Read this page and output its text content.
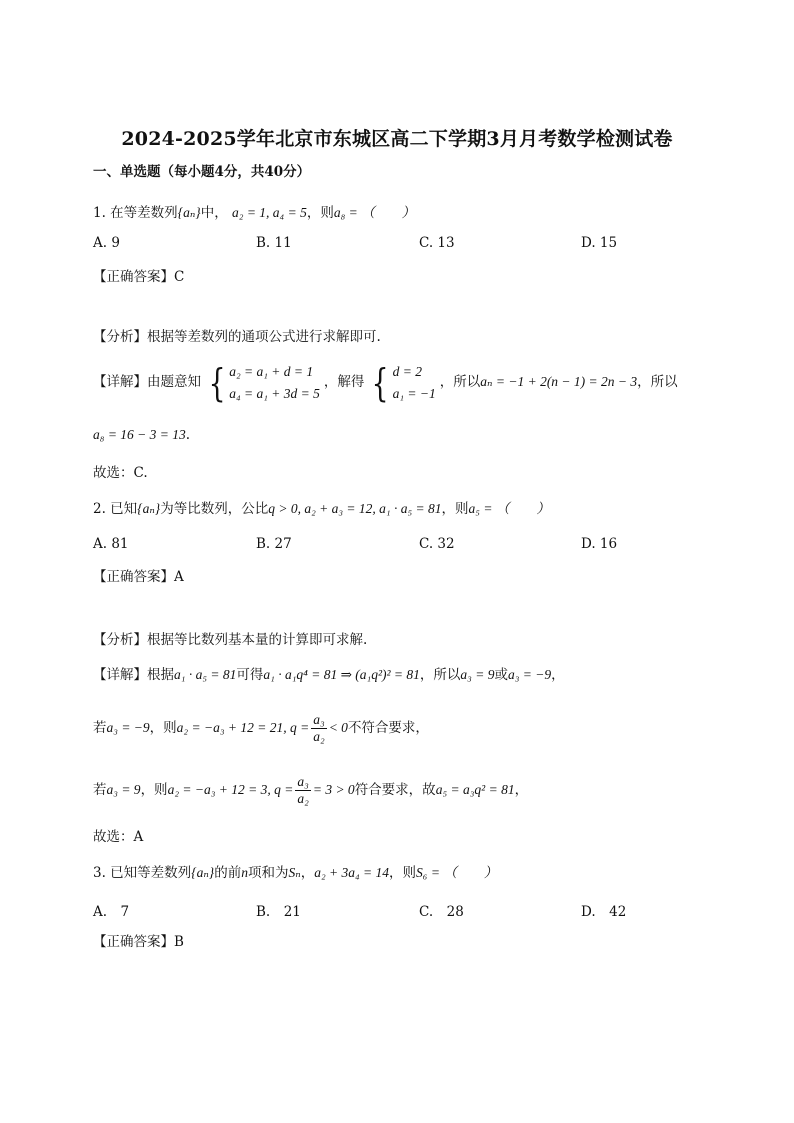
2024-2025学年北京市东城区高二下学期3月月考数学检测试卷
一、单选题（每小题4分，共40分）
1. 在等差数列{aₙ}中， a₂ = 1, a₄ = 5，则a₈ = （　　）
A. 9	B. 11	C. 13	D. 15
【正确答案】C
【分析】根据等差数列的通项公式进行求解即可.
【详解】由题意知 { a₂ = a₁ + d = 1
a₄ = a₁ + 3d = 5
，解得 { d = 2
a₁ = −1
，所以aₙ = −1 + 2(n − 1) = 2n − 3，所以
a₈ = 16 − 3 = 13.
故选：C.
2. 已知{aₙ}为等比数列，公比q > 0, a₂ + a₃ = 12, a₁ · a₅ = 81，则a₅ = （　　）
A. 81	B. 27	C. 32	D. 16
【正确答案】A
【分析】根据等比数列基本量的计算即可求解.
【详解】根据a₁ · a₅ = 81可得a₁ · a₁q⁴ = 81 ⇒ (a₁q²)² = 81，所以a₃ = 9或a₃ = −9，
若a₃ = −9，则a₂ = −a₃ + 12 = 21, $q = \frac{\text{a₃}}{\text{a₂}} < 0$不符合要求，
若a₃ = 9，则a₂ = −a₃ + 12 = 3, $q = \frac{\text{a₃}}{\text{a₂}} = 3 > 0$符合要求，故a₅ = a₃q² = 81，
故选：A
3. 已知等差数列{aₙ}的前n项和为Sₙ，a₂ + 3a₄ = 14，则S₆ = （　　）
A.　7	B.　21	C.　28	D.　42
【正确答案】B
